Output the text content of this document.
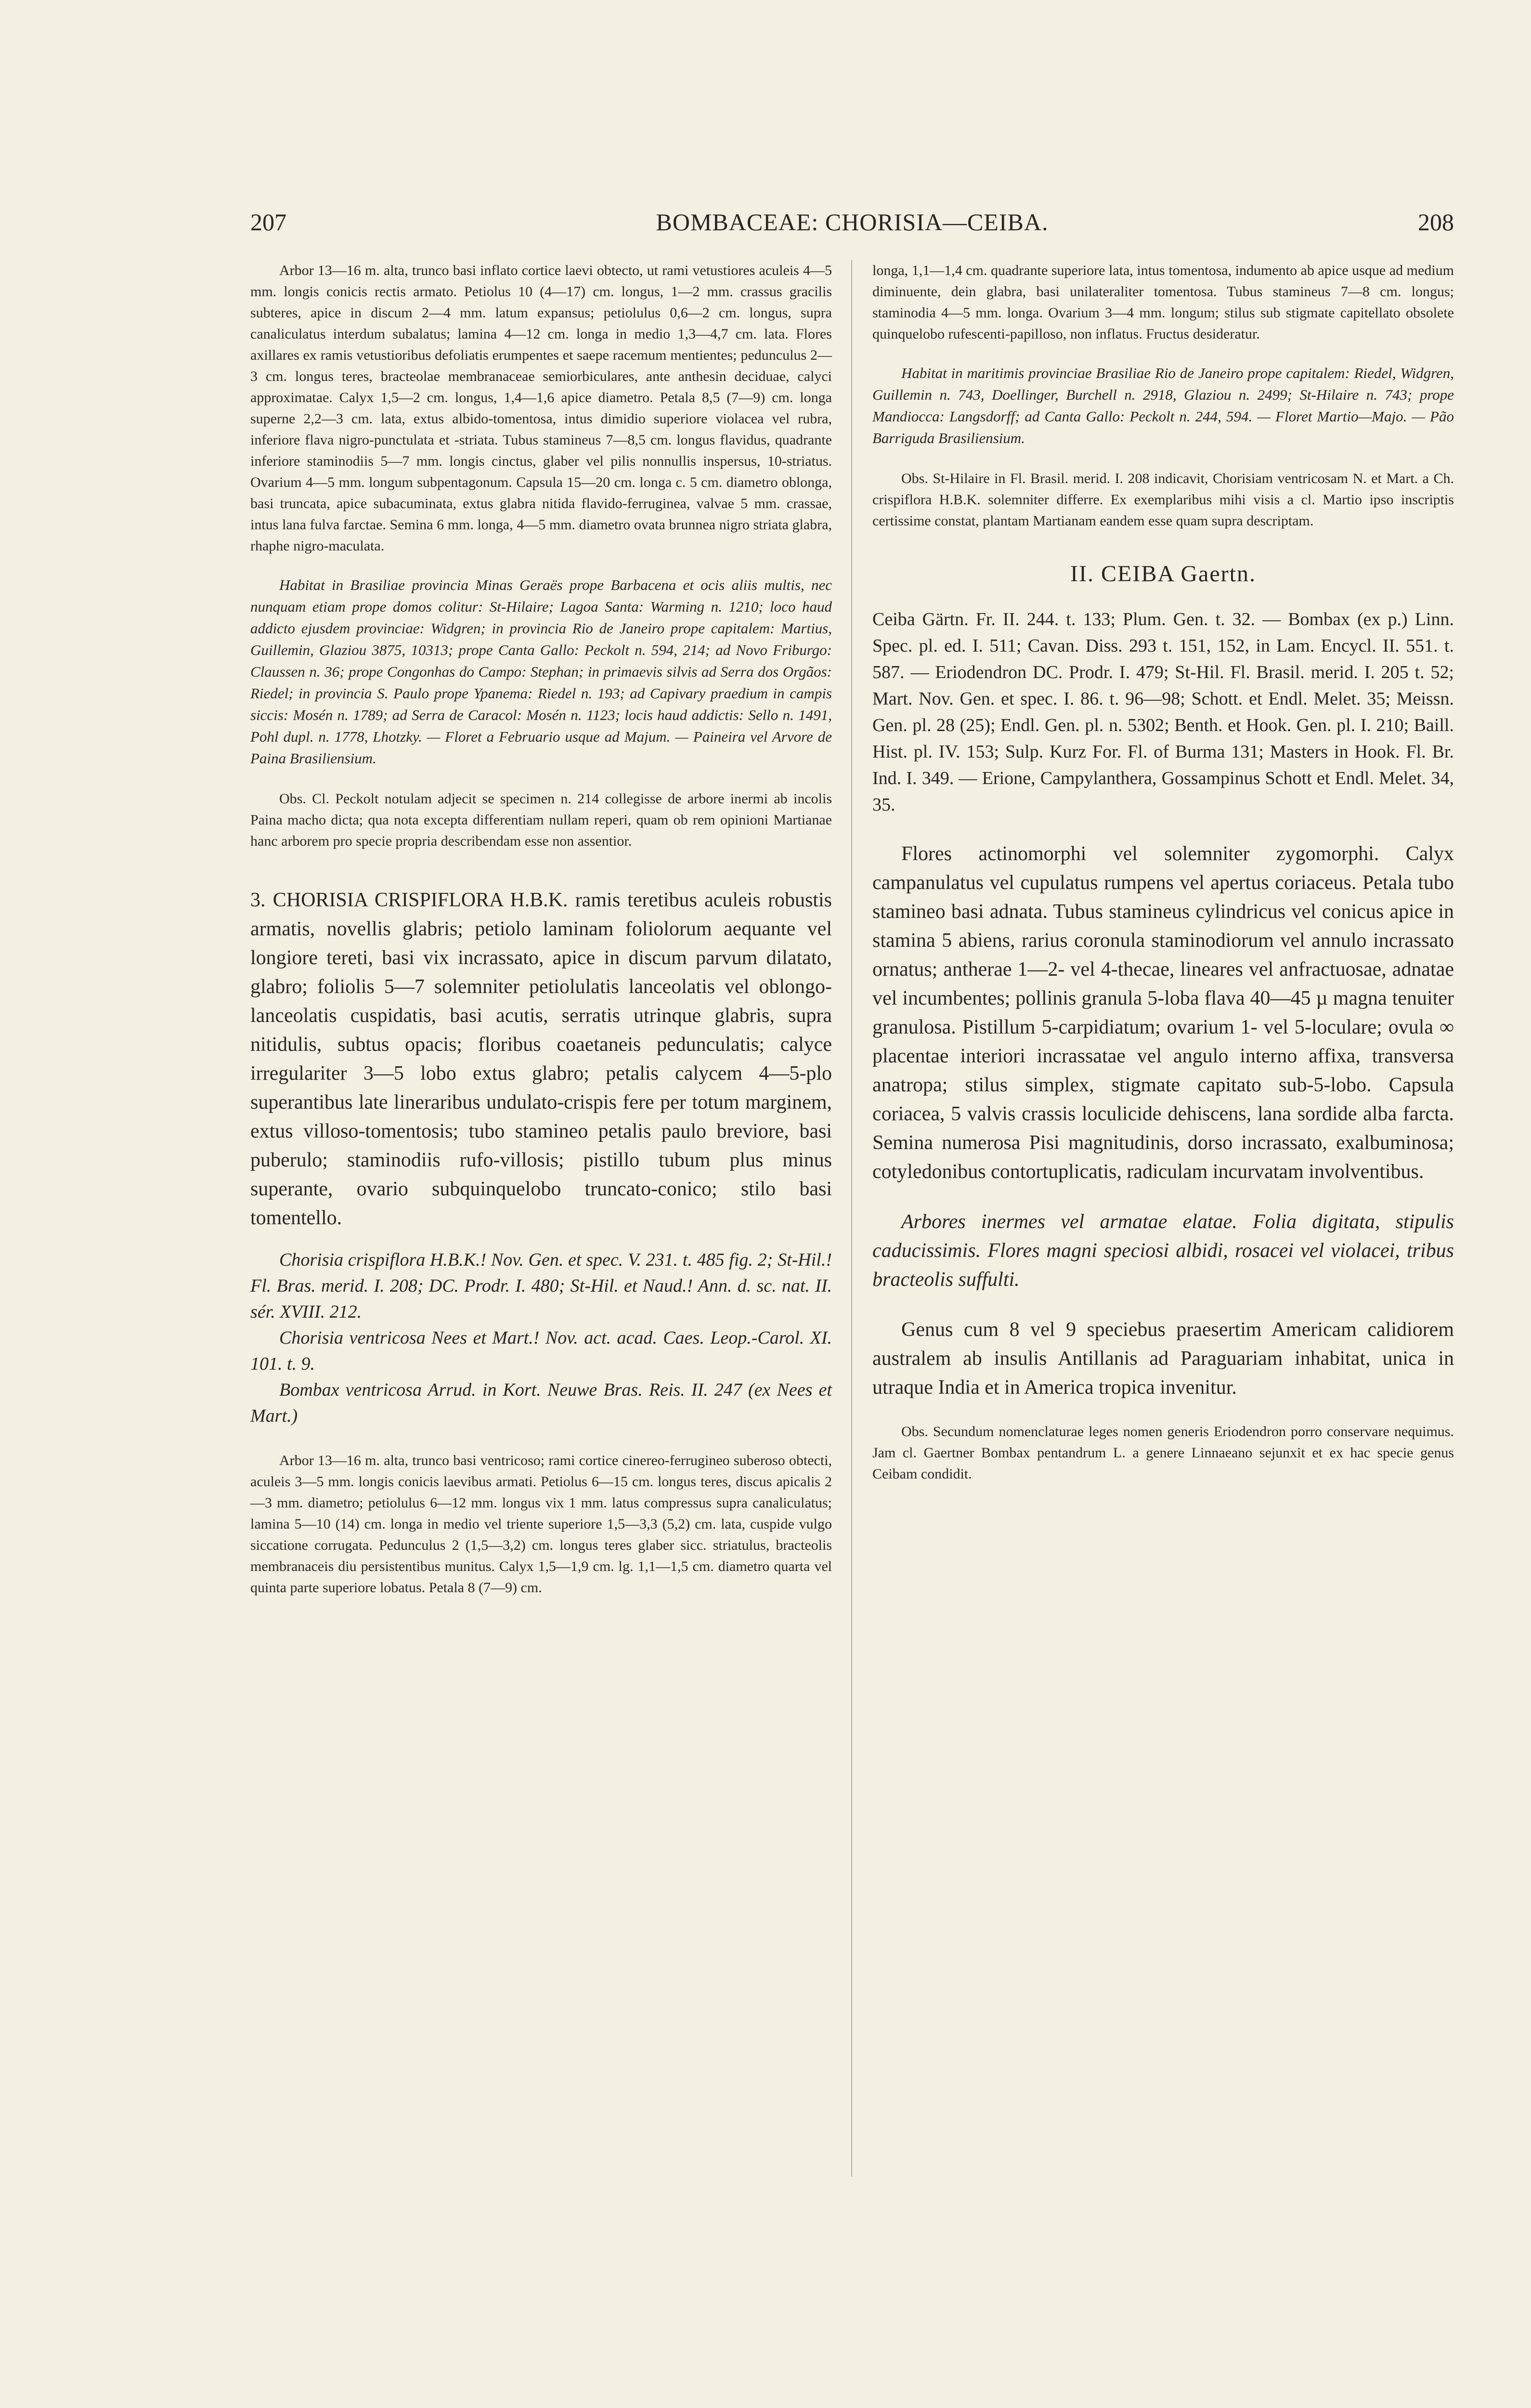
207	BOMBACEAE: CHORISIA—CEIBA.	208

Arbor 13—16 m. alta, trunco basi inflato cortice laevi obtecto, ut rami vetustiores aculeis 4—5 mm. longis conicis rectis armato. Petiolus 10 (4—17) cm. longus, 1—2 mm. crassus gracilis subteres, apice in discum 2—4 mm. latum expansus; petiolulus 0,6—2 cm. longus, supra canaliculatus interdum subalatus; lamina 4—12 cm. longa in medio 1,3—4,7 cm. lata. Flores axillares ex ramis vetustioribus defoliatis erumpentes et saepe racemum mentientes; pedunculus 2—3 cm. longus teres, bracteolae membranaceae semiorbiculares, ante anthesin deciduae, calyci approximatae. Calyx 1,5—2 cm. longus, 1,4—1,6 apice diametro. Petala 8,5 (7—9) cm. longa superne 2,2—3 cm. lata, extus albido-tomentosa, intus dimidio superiore violacea vel rubra, inferiore flava nigro-punctulata et -striata. Tubus stamineus 7—8,5 cm. longus flavidus, quadrante inferiore staminodiis 5—7 mm. longis cinctus, glaber vel pilis nonnullis inspersus, 10-striatus. Ovarium 4—5 mm. longum subpentagonum. Capsula 15—20 cm. longa c. 5 cm. diametro oblonga, basi truncata, apice subacuminata, extus glabra nitida flavido-ferruginea, valvae 5 mm. crassae, intus lana fulva farctae. Semina 6 mm. longa, 4—5 mm. diametro ovata brunnea nigro striata glabra, rhaphe nigro-maculata.

Habitat in Brasiliae provincia Minas Geraës prope Barbacena et ocis aliis multis, nec nunquam etiam prope domos colitur: St-Hilaire; Lagoa Santa: Warming n. 1210; loco haud addicto ejusdem provinciae: Widgren; in provincia Rio de Janeiro prope capitalem: Martius, Guillemin, Glaziou 3875, 10313; prope Canta Gallo: Peckolt n. 594, 214; ad Novo Friburgo: Claussen n. 36; prope Congonhas do Campo: Stephan; in primaevis silvis ad Serra dos Orgãos: Riedel; in provincia S. Paulo prope Ypanema: Riedel n. 193; ad Capivary praedium in campis siccis: Mosén n. 1789; ad Serra de Caracol: Mosén n. 1123; locis haud addictis: Sello n. 1491, Pohl dupl. n. 1778, Lhotzky. — Floret a Februario usque ad Majum. — Paineira vel Arvore de Paina Brasiliensium.

Obs. Cl. Peckolt notulam adjecit se specimen n. 214 collegisse de arbore inermi ab incolis Paina macho dicta; qua nota excepta differentiam nullam reperi, quam ob rem opinioni Martianae hanc arborem pro specie propria describendam esse non assentior.

3. CHORISIA CRISPIFLORA H.B.K. ramis teretibus aculeis robustis armatis, novellis glabris; petiolo laminam foliolorum aequante vel longiore tereti, basi vix incrassato, apice in discum parvum dilatato, glabro; foliolis 5—7 solemniter petiolulatis lanceolatis vel oblongo-lanceolatis cuspidatis, basi acutis, serratis utrinque glabris, supra nitidulis, subtus opacis; floribus coaetaneis pedunculatis; calyce irregulariter 3—5 lobo extus glabro; petalis calycem 4—5-plo superantibus late lineraribus undulato-crispis fere per totum marginem, extus villoso-tomentosis; tubo stamineo petalis paulo breviore, basi puberulo; staminodiis rufo-villosis; pistillo tubum plus minus superante, ovario subquinquelobo truncato-conico; stilo basi tomentello.

Chorisia crispiflora H.B.K.! Nov. Gen. et spec. V. 231. t. 485 fig. 2; St-Hil.! Fl. Bras. merid. I. 208; DC. Prodr. I. 480; St-Hil. et Naud.! Ann. d. sc. nat. II. sér. XVIII. 212.

Chorisia ventricosa Nees et Mart.! Nov. act. acad. Caes. Leop.-Carol. XI. 101. t. 9.

Bombax ventricosa Arrud. in Kort. Neuwe Bras. Reis. II. 247 (ex Nees et Mart.)

Arbor 13—16 m. alta, trunco basi ventricoso; rami cortice cinereo-ferrugineo suberoso obtecti, aculeis 3—5 mm. longis conicis laevibus armati. Petiolus 6—15 cm. longus teres, discus apicalis 2—3 mm. diametro; petiolulus 6—12 mm. longus vix 1 mm. latus compressus supra canaliculatus; lamina 5—10 (14) cm. longa in medio vel triente superiore 1,5—3,3 (5,2) cm. lata, cuspide vulgo siccatione corrugata. Pedunculus 2 (1,5—3,2) cm. longus teres glaber sicc. striatulus, bracteolis membranaceis diu persistentibus munitus. Calyx 1,5—1,9 cm. lg. 1,1—1,5 cm. diametro quarta vel quinta parte superiore lobatus. Petala 8 (7—9) cm.

longa, 1,1—1,4 cm. quadrante superiore lata, intus tomentosa, indumento ab apice usque ad medium diminuente, dein glabra, basi unilateraliter tomentosa. Tubus stamineus 7—8 cm. longus; staminodia 4—5 mm. longa. Ovarium 3—4 mm. longum; stilus sub stigmate capitellato obsolete quinquelobo rufescenti-papilloso, non inflatus. Fructus desideratur.

Habitat in maritimis provinciae Brasiliae Rio de Janeiro prope capitalem: Riedel, Widgren, Guillemin n. 743, Doellinger, Burchell n. 2918, Glaziou n. 2499; St-Hilaire n. 743; prope Mandiocca: Langsdorff; ad Canta Gallo: Peckolt n. 244, 594. — Floret Martio—Majo. — Pão Barriguda Brasiliensium.

Obs. St-Hilaire in Fl. Brasil. merid. I. 208 indicavit, Chorisiam ventricosam N. et Mart. a Ch. crispiflora H.B.K. solemniter differre. Ex exemplaribus mihi visis a cl. Martio ipso inscriptis certissime constat, plantam Martianam eandem esse quam supra descriptam.

II. CEIBA Gaertn.

Ceiba Gärtn. Fr. II. 244. t. 133; Plum. Gen. t. 32. — Bombax (ex p.) Linn. Spec. pl. ed. I. 511; Cavan. Diss. 293 t. 151, 152, in Lam. Encycl. II. 551. t. 587. — Eriodendron DC. Prodr. I. 479; St-Hil. Fl. Brasil. merid. I. 205 t. 52; Mart. Nov. Gen. et spec. I. 86. t. 96—98; Schott. et Endl. Melet. 35; Meissn. Gen. pl. 28 (25); Endl. Gen. pl. n. 5302; Benth. et Hook. Gen. pl. I. 210; Baill. Hist. pl. IV. 153; Sulp. Kurz For. Fl. of Burma 131; Masters in Hook. Fl. Br. Ind. I. 349. — Erione, Campylanthera, Gossampinus Schott et Endl. Melet. 34, 35.

Flores actinomorphi vel solemniter zygomorphi. Calyx campanulatus vel cupulatus rumpens vel apertus coriaceus. Petala tubo stamineo basi adnata. Tubus stamineus cylindricus vel conicus apice in stamina 5 abiens, rarius coronula staminodiorum vel annulo incrassato ornatus; antherae 1—2- vel 4-thecae, lineares vel anfractuosae, adnatae vel incumbentes; pollinis granula 5-loba flava 40—45 µ magna tenuiter granulosa. Pistillum 5-carpidiatum; ovarium 1- vel 5-loculare; ovula ∞ placentae interiori incrassatae vel angulo interno affixa, transversa anatropa; stilus simplex, stigmate capitato sub-5-lobo. Capsula coriacea, 5 valvis crassis loculicide dehiscens, lana sordide alba farcta. Semina numerosa Pisi magnitudinis, dorso incrassato, exalbuminosa; cotyledonibus contortuplicatis, radiculam incurvatam involventibus.

Arbores inermes vel armatae elatae. Folia digitata, stipulis caducissimis. Flores magni speciosi albidi, rosacei vel violacei, tribus bracteolis suffulti.

Genus cum 8 vel 9 speciebus praesertim Americam calidiorem australem ab insulis Antillanis ad Paraguariam inhabitat, unica in utraque India et in America tropica invenitur.

Obs. Secundum nomenclaturae leges nomen generis Eriodendron porro conservare nequimus. Jam cl. Gaertner Bombax pentandrum L. a genere Linnaeano sejunxit et ex hac specie genus Ceibam condidit.
